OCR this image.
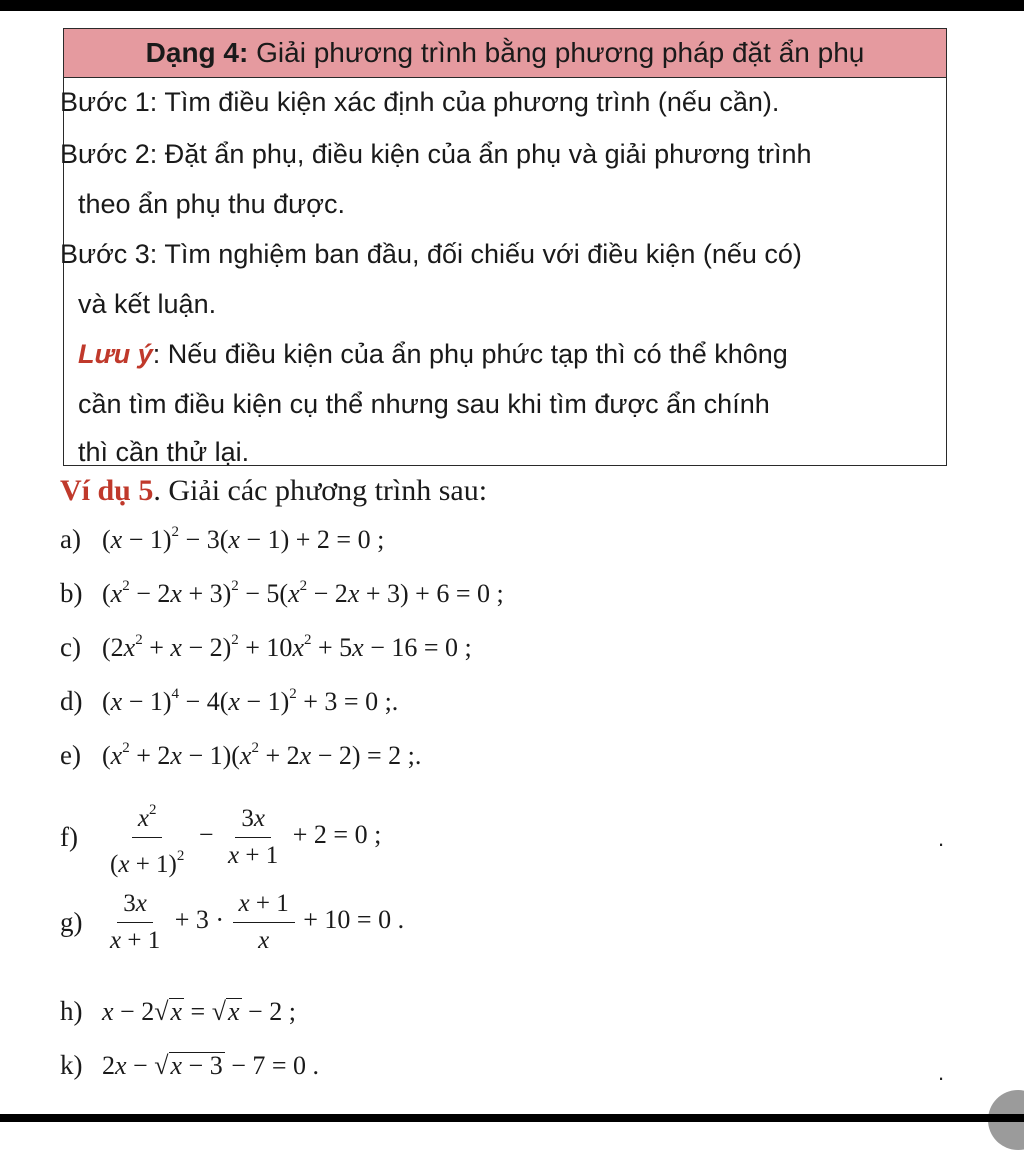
Dạng 4:
Giải phương trình bằng phương pháp đặt ẩn phụ
Bước 1: Tìm điều kiện xác định của phương trình (nếu cần).
Bước 2: Đặt ẩn phụ, điều kiện của ẩn phụ và giải phương trình
theo ẩn phụ thu được.
Bước 3: Tìm nghiệm ban đầu, đối chiếu với điều kiện (nếu có)
và kết luận.
Lưu ý: Nếu điều kiện của ẩn phụ phức tạp thì có thể không
cần tìm điều kiện cụ thể nhưng sau khi tìm được ẩn chính
thì cần thử lại.
Ví dụ 5. Giải các phương trình sau:
a) $(x - 1)^2 - 3(x - 1) + 2 = 0$ ;
b) $(x^2 - 2x + 3)^2 - 5(x^2 - 2x + 3) + 6 = 0$ ;
c) $(2x^2 + x - 2)^2 + 10x^2 + 5x - 16 = 0$ ;
d) $(x - 1)^4 - 4(x - 1)^2 + 3 = 0$ ;.
e) $(x^2 + 2x - 1)(x^2 + 2x - 2) = 2$ ;.
$f) \frac{x^2}{(x + 1)^2} - \frac{3x}{x + 1} + 2 = 0$ ;
$g) \frac{3x}{x + 1} + 3 \cdot \frac{x + 1}{x} + 10 = 0$ .
h) x − 2√x = √x − 2 ;
k) 2x − √x − 3 − 7 = 0 .
.
.
